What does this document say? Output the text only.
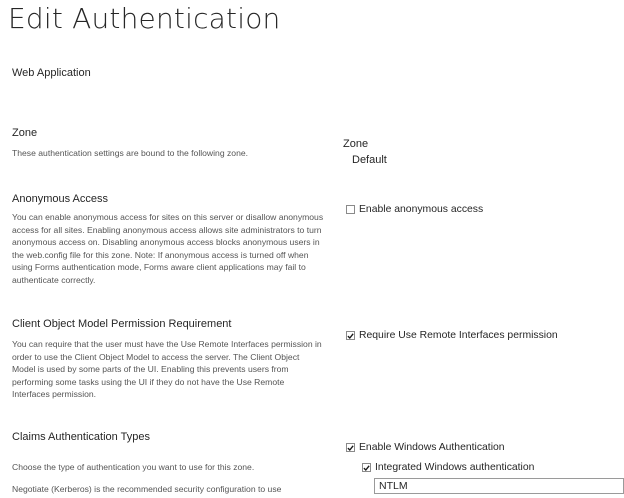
Edit Authentication

Web Application

Zone

These authentication settings are bound to the following zone.

Zone
Default

Anonymous Access

You can enable anonymous access for sites on this server or disallow anonymous access for all sites. Enabling anonymous access allows site administrators to turn anonymous access on. Disabling anonymous access blocks anonymous users in the web.config file for this zone. Note: If anonymous access is turned off when using Forms authentication mode, Forms aware client applications may fail to authenticate correctly.

Enable anonymous access

Client Object Model Permission Requirement

You can require that the user must have the Use Remote Interfaces permission in order to use the Client Object Model to access the server. The Client Object Model is used by some parts of the UI. Enabling this prevents users from performing some tasks using the UI if they do not have the Use Remote Interfaces permission.

Require Use Remote Interfaces permission

Claims Authentication Types

Choose the type of authentication you want to use for this zone.

Negotiate (Kerberos) is the recommended security configuration to use

Enable Windows Authentication
Integrated Windows authentication
NTLM
